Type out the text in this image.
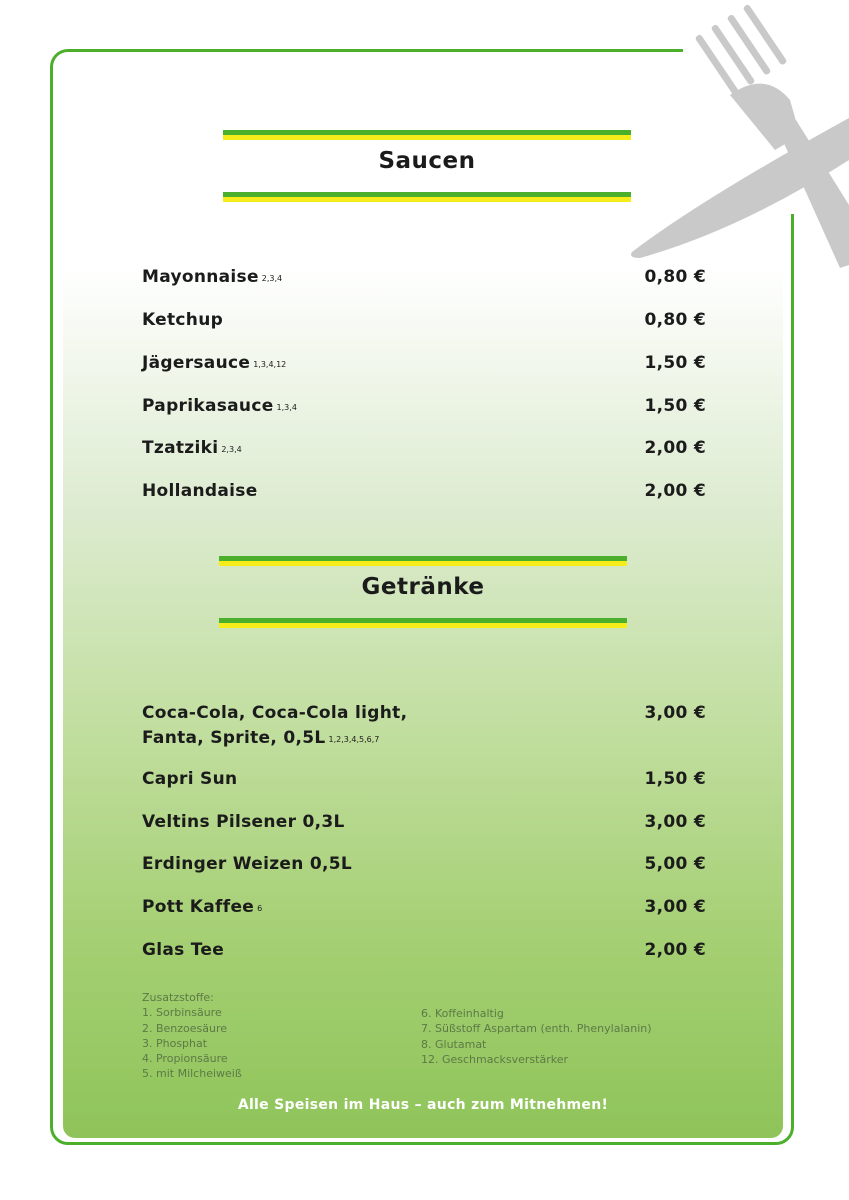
Saucen
Mayonnaise 2,3,4	0,80 €
Ketchup	0,80 €
Jägersauce 1,3,4,12	1,50 €
Paprikasauce 1,3,4	1,50 €
Tzatziki 2,3,4	2,00 €
Hollandaise	2,00 €
Getränke
Coca-Cola, Coca-Cola light,
Fanta, Sprite, 0,5L 1,2,3,4,5,6,7
3,00 €
Capri Sun	1,50 €
Veltins Pilsener 0,3L	3,00 €
Erdinger Weizen 0,5L	5,00 €
Pott Kaffee 6	3,00 €
Glas Tee	2,00 €
Zusatzstoffe:
1. Sorbinsäure
2. Benzoesäure
3. Phosphat
4. Propionsäure
5. mit Milcheiweiß
6. Koffeinhaltig
7. Süßstoff Aspartam (enth. Phenylalanin)
8. Glutamat
12. Geschmacksverstärker
Alle Speisen im Haus – auch zum Mitnehmen!
